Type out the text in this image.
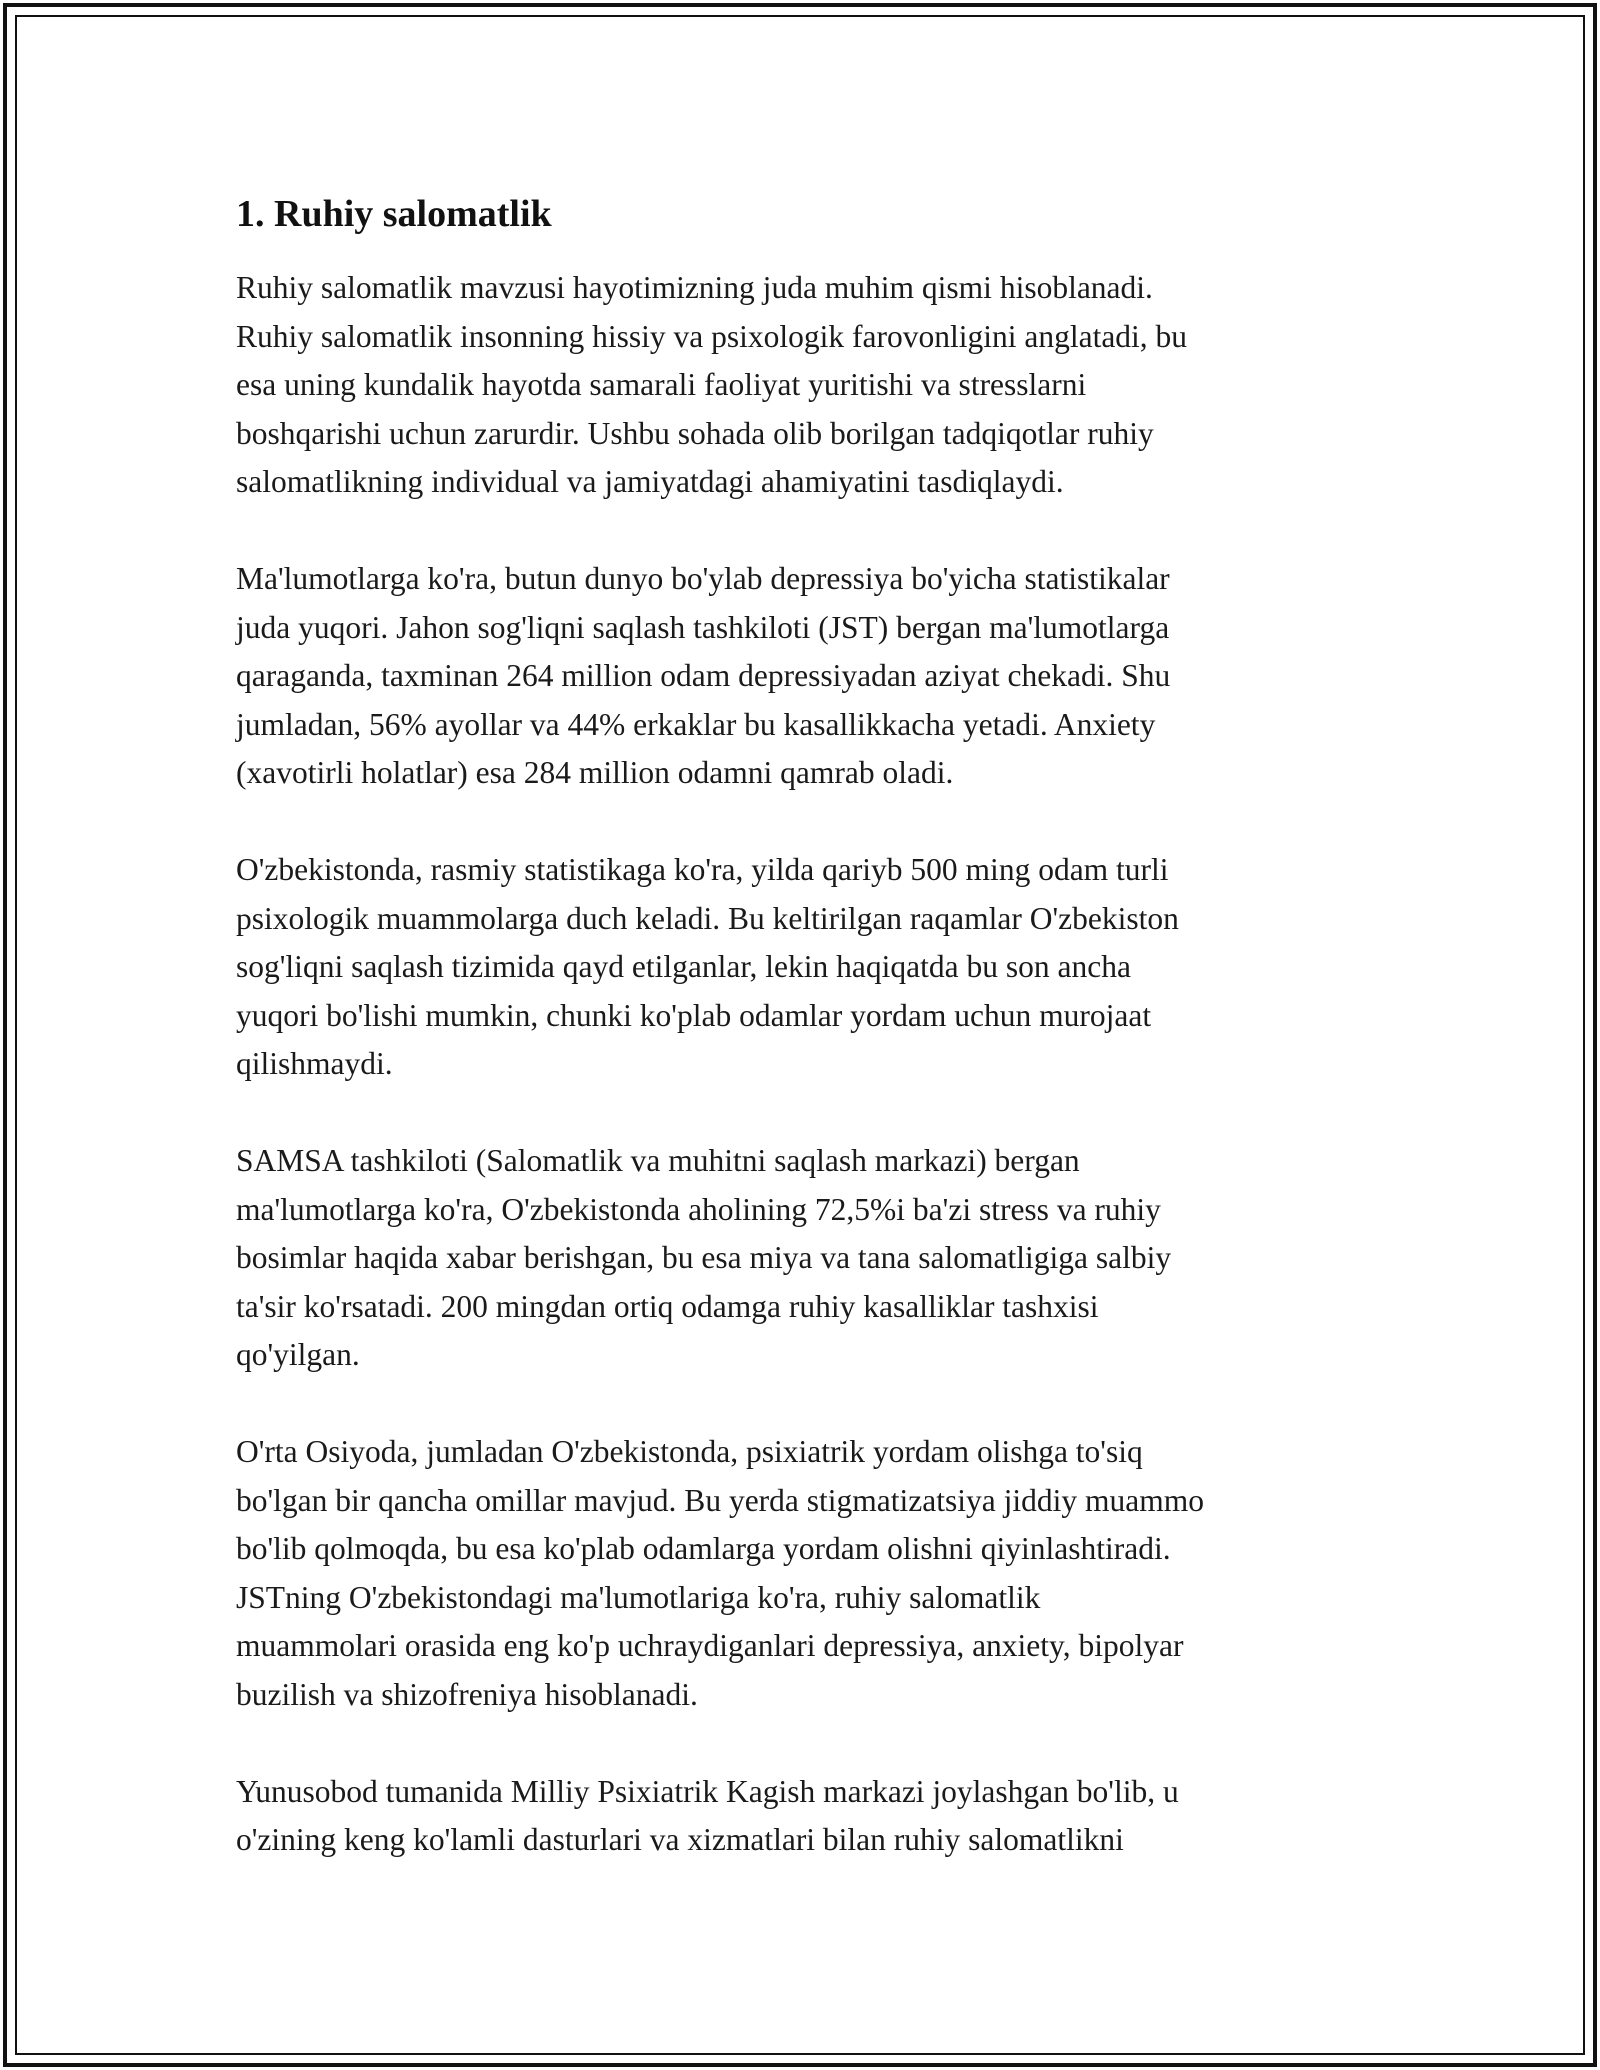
1. Ruhiy salomatlik

Ruhiy salomatlik mavzusi hayotimizning juda muhim qismi hisoblanadi.
Ruhiy salomatlik insonning hissiy va psixologik farovonligini anglatadi, bu
esa uning kundalik hayotda samarali faoliyat yuritishi va stresslarni
boshqarishi uchun zarurdir. Ushbu sohada olib borilgan tadqiqotlar ruhiy
salomatlikning individual va jamiyatdagi ahamiyatini tasdiqlaydi.

Ma'lumotlarga ko'ra, butun dunyo bo'ylab depressiya bo'yicha statistikalar
juda yuqori. Jahon sog'liqni saqlash tashkiloti (JST) bergan ma'lumotlarga
qaraganda, taxminan 264 million odam depressiyadan aziyat chekadi. Shu
jumladan, 56% ayollar va 44% erkaklar bu kasallikkacha yetadi. Anxiety
(xavotirli holatlar) esa 284 million odamni qamrab oladi.

O'zbekistonda, rasmiy statistikaga ko'ra, yilda qariyb 500 ming odam turli
psixologik muammolarga duch keladi. Bu keltirilgan raqamlar O'zbekiston
sog'liqni saqlash tizimida qayd etilganlar, lekin haqiqatda bu son ancha
yuqori bo'lishi mumkin, chunki ko'plab odamlar yordam uchun murojaat
qilishmaydi.

SAMSA tashkiloti (Salomatlik va muhitni saqlash markazi) bergan
ma'lumotlarga ko'ra, O'zbekistonda aholining 72,5%i ba'zi stress va ruhiy
bosimlar haqida xabar berishgan, bu esa miya va tana salomatligiga salbiy
ta'sir ko'rsatadi. 200 mingdan ortiq odamga ruhiy kasalliklar tashxisi
qo'yilgan.

O'rta Osiyoda, jumladan O'zbekistonda, psixiatrik yordam olishga to'siq
bo'lgan bir qancha omillar mavjud. Bu yerda stigmatizatsiya jiddiy muammo
bo'lib qolmoqda, bu esa ko'plab odamlarga yordam olishni qiyinlashtiradi.
JSTning O'zbekistondagi ma'lumotlariga ko'ra, ruhiy salomatlik
muammolari orasida eng ko'p uchraydiganlari depressiya, anxiety, bipolyar
buzilish va shizofreniya hisoblanadi.

Yunusobod tumanida Milliy Psixiatrik Kagish markazi joylashgan bo'lib, u
o'zining keng ko'lamli dasturlari va xizmatlari bilan ruhiy salomatlikni
